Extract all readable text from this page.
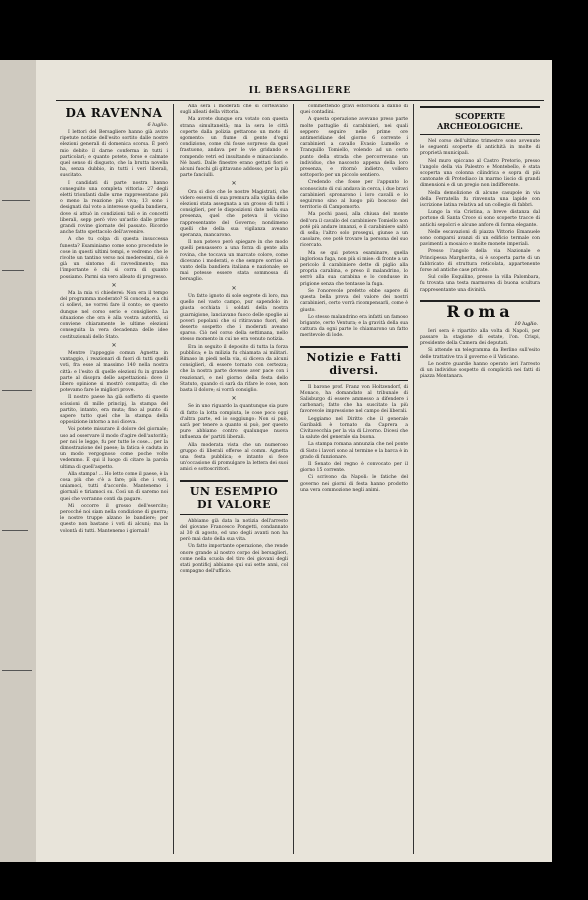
IL BERSAGLIERE
DA RAVENNA
6 luglio.

I lettori del Bersagliere hanno già avuto ripetute notizie dell'esito sortito dalle nostre elezioni generali di domenica scorsa. È però mio debito il darne conferma in tutti i particolari; e quanto potete, forse e calmate quel senso di disgusto, che la brutta novella ha, senza dubbio, in tutti i veri liberali, suscitato.

I candidati di parte nostra hanno conseguito una completa vittoria: 27 degli eletti trionfanti dalle urne rappresentano più o meno la reazione più viva; 13 sono i designati dal voto a interesse quella bandiera, dove si attuò in condizioni tali e in concetti liberali, sepp però vivo un'astio dalle prime grandi rovine giornate del passato. Ricordo anche fatto spettacolo dell'avvenire.

A che tu colpa di questa insuccessa funesta? Esaminiamo come sono procedute le cose in questi ultimi tempi, e vedremo che le rivolte un tantino verso noi mederesimi, ciò è già un sintomo di ravvedimento; ma l'importante è chi si corra di quanto possiamo. Parmi sia vero alleato di progresso.

✕

Ma la mia vi chiederei: Non era il tempo del programma moderato? Si conceda, e a chi ci sollevi, ne vorrei fare il conto; se questo dunque nel corso serio e consigliere. La situazione che ora è alla vostra autorità, si conviene chiaramente le ultime elezioni conseguita la vera decadenza delle idee costituzionali dello Stato.

✕

Mentre l'appoggio comun Agnetta in vantaggio, i reazionari di fuori di tutti quelli voti, fra esse al massimo 140 nella nostra città: e l'esito di quelle elezioni fu in grande parte al disopra delle aspettazioni: dove il libero opinione si mostrò compatta; di che potevamo fare le migliori prove.

Il nostro paese ha già sofferto di queste scissioni di mille principj, la stampa del partito, intanto, era muta; fino al punto di sapere tutto quel che la stampa della opposizione intorno a noi diceva.

Voi potete misurare il dolore del giornale; uso ad osservare il modo d'agire dell'autorità; per noi le legge, fu per tutte le cose... per la dimostrazione del paese; la fatica è caduta in un modo vergognoso come poche volte vedemmo. È qui il luogo di citare la parola ultima di quell'aspetto.

Alla stampa! ... Ho letto come il paese, è la cosa più che c'è a fare; più che i voti, uniamoci, tutti d'accordo. Mantenemo i giornali e tiriamoci su. Così un dì saremo noi quei che vorranno conti da pagare.

Mi occorre il grosso dell'esercito; perocché noi siam nella condizione di guerra; le nostre truppe alzano le bandiere; per questo non bastano i voti di alcuni; ma la volontà di tutti. Mantenemo i giornali!

Alla sera i moderati che si corteavano sugli alleati della vittoria.

Ma avrete dunque ora votato con questa strana simultaneità; ma la sera le città coperte dalla polizia gettarono un moto di sgomento: un fiume di gente d'ogni condizione, come chi fosse sorpreso da quel frastuono, andava per le vie gridando e rompendo vetri ed insultando e minacciando. Né basti. Dalle finestre erano gettati fiori e alcuni fuochi gli gittavano addosso, per la più parte fanciulli.

✕

Ora si dice che le nostre Magistrati, che videro essersi di sua premura alla vigilia delle elezioni stata assegnata a un grosso di tutti i consiglieri, per le disposizioni date nella sua presenza, quel che poteva il vicino rappresentante del Governo; nondimeno quelli che della sua vigilanza aveano speranza, mancarono.

Il non potevo però spiegare in che modo quelli pensassero a una forza di gente alla rovina, che toccava un marcato colore, come dicevano i moderati, e che sempre sorrise al vanto della bandiera italiana e nazionale; se mai potesse essere stata sommossa di bersaglio.

✕

Un fatto ignoto di sole segrete di loro, ma quello nel vasto campo, pur sapendolo in giusta occhiata i soldati della nostra guarnigione, lanciavano fuoco delle spoglie ai poveri popolani che si ritiravano fuori, del deserto sospetto che i moderati aveano sparso. Ciò nel corso della settimana, nello stesso momento in cui ne era venuto notizia.

Era in seguito il deposito di tutta la forza pubblica; e la milizia fu chiamata ai militari. Rimaso in piedi nella via, si diceva da alcuni consiglieri, di essere tornato con certezza; che la nostra parte dovesse aver pace con i reazionari, e nel giorno della festa dello Statuto, quando ci sarà da rifare le cose, non basta il dolore; si vorrà consiglio.

✕

Se in uno riguardo la quantunque sia pure di fatto la lotta compiuta, le cose poco oggi d'altra parte, ed io soggiungo: Non si può, sarà per tenere a quanto si può, per questo pure abbiamo contro qualunque nuova influenza de' partiti liberali.

Alla moderata vista che un numeroso gruppo di liberali offerse al comm. Agnetta una festa pubblica; e intanto si fece un'occasione di promulgare la lettera dei suoi amici e sottoscrittori.

UN ESEMPIO DI VALORE

Abbiamo già data la notizia dell'arresto del giovane Francesco Pongetti, condannato al 30 di agosto, ed uno degli avanti non ha però mai dato della sua vita.

Un fatto importante operazione, che rende onore grande al nostro corpo dei bersaglieri, come nella scuola del tiro dei giovani degli stati pontificj abbiamo qui sui sette anni, col compagno dell'ufficio.

commettendo gravi estorsioni a danno di quei contadini.

A questa operazione avevano preso parte molte pattuglie di carabinieri, nei quali seppero seguire nelle prime ore antimeridiane del giorno 6 corrente i carabinieri a cavallo Evasio Lumello e Tranquillo Tomiello, volendo ad un certo punto della strada che percorrevano un individuo, che nascosto appena della loro presenza, e ritornò indietro, vollero sottoporlo per un piccolo sentiero.

Credendo che fosse per l'appunto lo sconosciuto di cui andava in cerca, i due bravi carabinieri spronarono i loro cavalli e lo seguirono sino al luogo più boscoso del territorio di Campomorto.

Ma pochi passi, alla chiusa del monte dell'ora il cavallo del carabiniere Tomiello non poté più andare innanzi, e il carabiniere saltò di sella; l'altro solo prosegui, giunse a un casolare, ove potè trovare la persona del suo ricercato.

Ma se qui poteva esaminare, quella ingloriosa fuga, non più si mise: di fronte a un pericolo il carabiniere dette di piglio alla propria carabina, e preso il malandrino, lo serrò alla sua carabina e lo condusse in prigione senza che tentasse la fuga.

Se l'onorevole prefetto ebbe sapere di questa bella prova del valore dei nostri carabinieri, certo vorrà ricompensarli, come è giusto.

Lo stesso malandrino era infatti un famoso brigante, certo Ventura; e la gravità della sua cattura da ogni parte lo chiamarono un fatto meritevole di lode.

Notizie e Fatti diversi.

Il barone prof. Franz von Holtzendorf, di Monaco, ha domandato al tribunale di Salisburgo di essere ammesso a difendere i carbonari; fatto che ha suscitato la più favorevole impressione nel campo dei liberali.

Leggiamo nel Diritto che il generale Garibaldi è tornato da Caprera a Civitavecchia per la via di Livorno. Dicesi che la salute del generale sia buona.

La stampa romana annunzia che nel ponte di Sisto i lavori sono al termine e la barca è in grado di funzionare.

Il Senato del regno è convocato per il giorno 15 corrente.

Ci scrivono da Napoli: le fatiche del governo nei giorni di festa hanno prodotto una vera commozione negli animi.

SCOPERTE ARCHEOLOGICHE.

Nel corso dell'ultimo trimestre sono avvenute le seguenti scoperte di antichità in molte di proprietà municipali.

Nel muro spiccano al Castro Pretorio, presso l'angolo della via Palestro e Montebello, è stata scoperta una colonna cilindrica e sopra di più cantonate di Protodiaco in marmo liscio di grandi dimensioni e di un pregio non indifferente.

Nella demolizione di alcune casupole in via della Ferratella fu rinvenuta una lapide con iscrizione latina relativa ad un collegio di fabbri.

Lungo la via Cristina, a breve distanza dal portone di Santa Croce si sono scoperte tracce di antichi sepolcri e alcune anfore di forma elegante.

Nelle escavazioni di piazza Vittorio Emanuele sono comparsi avanzi di un edificio termale con pavimenti a mosaico e molte monete imperiali.

Presso l'angolo della via Nazionale e Principessa Margherita, si è scoperta parte di un fabbricato di struttura reticolata, appartenente forse ad antiche case private.

Sul colle Esquilino, presso la villa Palombara, fu trovata una testa marmorea di buona scultura rappresentante una divinità.

Roma
10 luglio.

Ieri sera è ripartito alla volta di Napoli, per passare la stagione di estate, l'on. Crispi, presidente della Camera dei deputati.

Si attende un telegramma da Berlino sull'esito delle trattative tra il governo e il Vaticano.

Le nostre guardie hanno operato ieri l'arresto di un individuo sospetto di complicità nei fatti di piazza Montanara.
